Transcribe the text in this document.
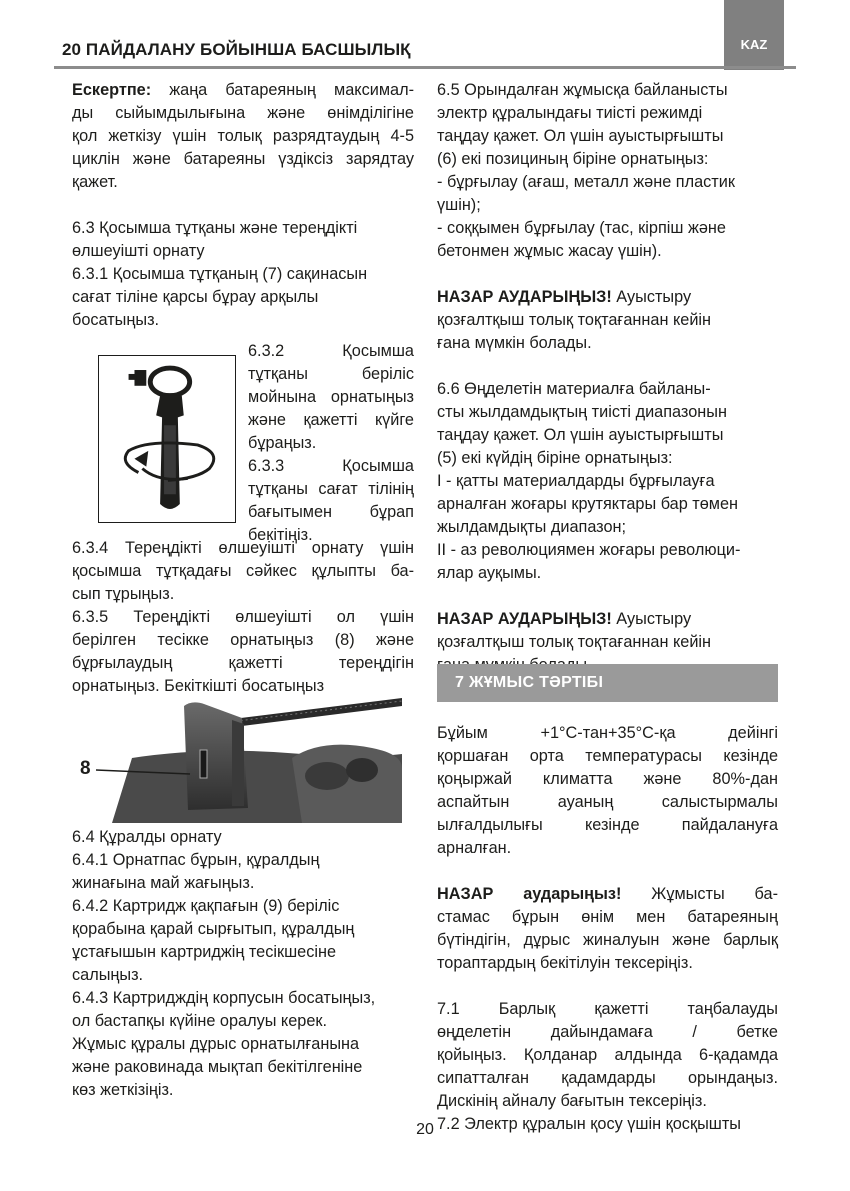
20 ПАЙДАЛАНУ БОЙЫНША БАСШЫЛЫҚ	KAZ

Ескертпе: жаңа батареяның максимал-

ды сыйымдылығына және өнімділігіне

қол жеткізу үшін толық разрядтаудың 4-5

циклін және батареяны үздіксіз зарядтау

қажет.

6.3 Қосымша тұтқаны және тереңдікті

өлшеуішті орнату

6.3.1 Қосымша тұтқаның (7) сақинасын

сағат тіліне қарсы бұрау арқылы

босатыңыз.

6.3.2 Қосымша тұтқаны беріліс мойнына орнатыңыз және қажетті күйге бұраңыз.

6.3.3 Қосымша тұтқаны сағат тілінің бағытымен бұрап бекітіңіз.

6.3.4 Тереңдікті өлшеуішті орнату үшін

қосымша тұтқадағы сәйкес құлыпты ба-

сып тұрыңыз.

6.3.5 Тереңдікті өлшеуішті ол үшін

берілген тесікке орнатыңыз (8) және

бұрғылаудың қажетті тереңдігін

орнатыңыз. Бекіткішті босатыңыз

8

6.4 Құралды орнату

6.4.1 Орнатпас бұрын, құралдың

жинағына май жағыңыз.

6.4.2 Картридж қақпағын (9) беріліс

қорабына қарай сырғытып, құралдың

ұстағышын картриджің тесікшесіне

салыңыз.

6.4.3 Картридждің корпусын босатыңыз,

ол бастапқы күйіне оралуы керек.

Жұмыс құралы дұрыс орнатылғанына

және раковинада мықтап бекітілгеніне

көз жеткізіңіз.

6.5 Орындалған жұмысқа байланысты

электр құралындағы тиісті режимді

таңдау қажет. Ол үшін ауыстырғышты

(6) екі позициның біріне орнатыңыз:

- бұрғылау (ағаш, металл және пластик

үшін);

- соққымен бұрғылау (тас, кірпіш және

бетонмен жұмыс жасау үшін).

НАЗАР АУДАРЫҢЫЗ! Ауыстыру

қозғалтқыш толық тоқтағаннан кейін

ғана мүмкін болады.

6.6 Өңделетін материалға байланы-

сты жылдамдықтың тиісті диапазонын

таңдау қажет. Ол үшін ауыстырғышты

(5) екі күйдің біріне орнатыңыз:

I - қатты материалдарды бұрғылауға

арналған жоғары крутяктары бар төмен

жылдамдықты диапазон;

II - аз революциямен жоғары революци-

ялар ауқымы.

НАЗАР АУДАРЫҢЫЗ! Ауыстыру

қозғалтқыш толық тоқтағаннан кейін

7 ЖҰМЫС ТӘРТІБІ

Бұйым +1°С-тан+35°С-қа дейінгі

қоршаған орта температурасы кезінде

қоңыржай климатта және 80%-дан

аспайтын ауаның салыстырмалы

ылғалдылығы кезінде пайдалануға

арналған.

НАЗАР аударыңыз! Жұмысты ба-

стамас бұрын өнім мен батареяның

бүтіндігін, дұрыс жиналуын және барлық

тораптардың бекітілуін тексеріңіз.

7.1 Барлық қажетті таңбалауды

өңделетін дайындамаға / бетке

қойыңыз. Қолданар алдында 6-қадамда

сипатталған қадамдарды орындаңыз.

Дискінің айналу бағытын тексеріңіз.

7.2 Электр құралын қосу үшін қосқышты

20
